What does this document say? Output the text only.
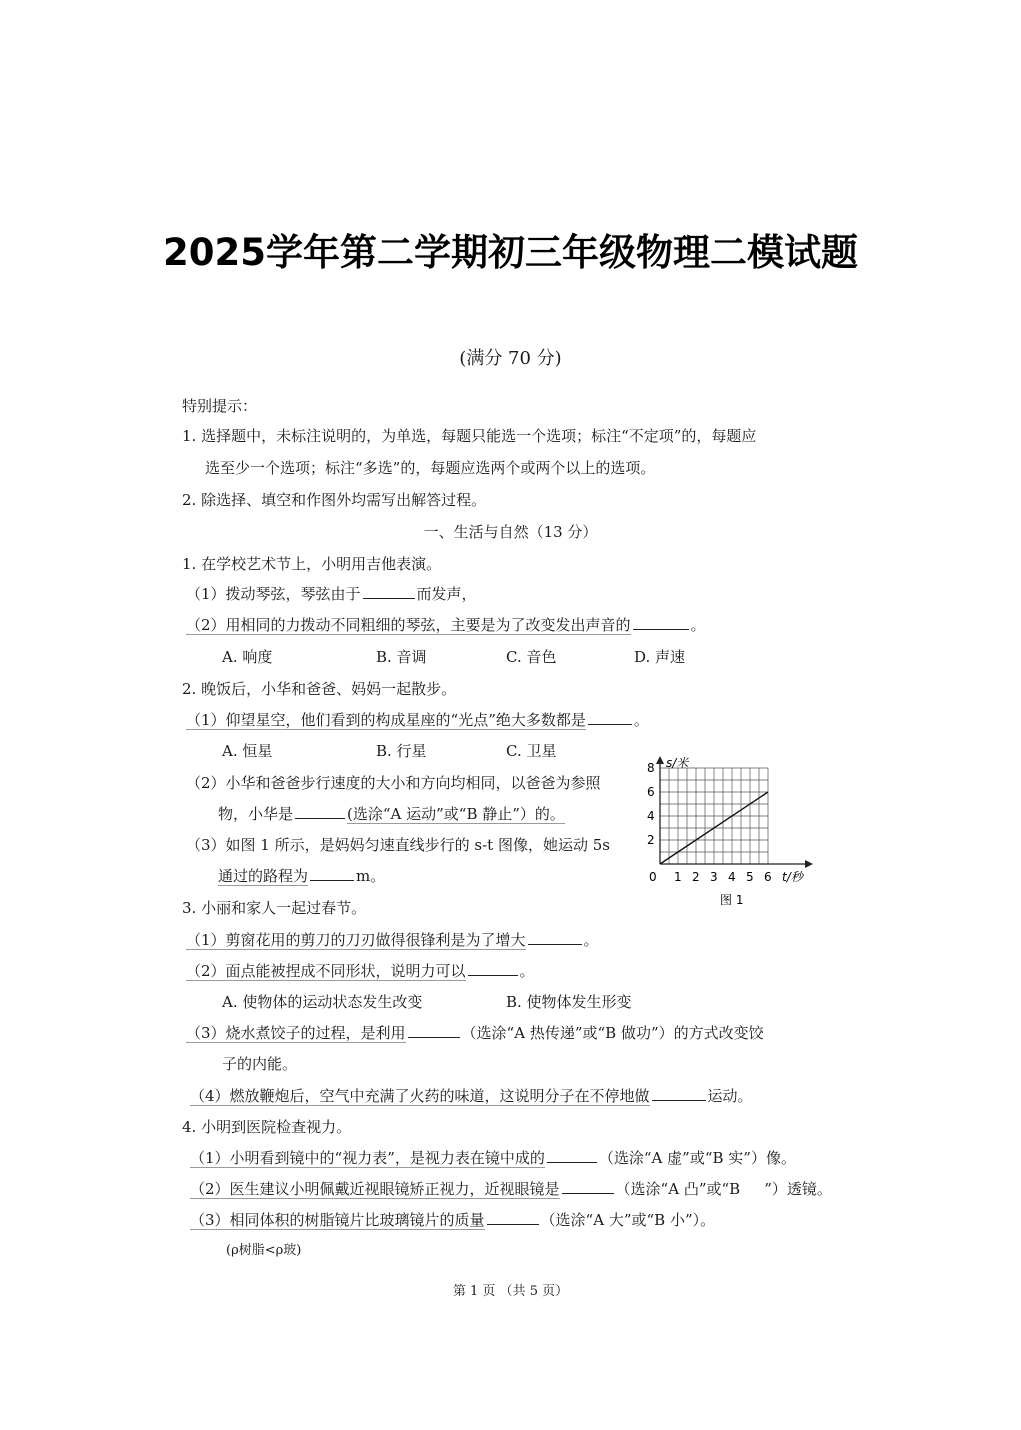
2025学年第二学期初三年级物理二模试题
(满分 70 分)
特别提示：
1. 选择题中，未标注说明的，为单选，每题只能选一个选项；标注“不定项”的，每题应
选至少一个选项；标注“多选”的，每题应选两个或两个以上的选项。
2. 除选择、填空和作图外均需写出解答过程。
一、生活与自然（13 分）
1. 在学校艺术节上，小明用吉他表演。
（1）拨动琴弦，琴弦由于	而发声，
（2）用相同的力拨动不同粗细的琴弦，主要是为了改变发出声音的	。
A. 响度	B. 音调	C. 音色	D. 声速
2. 晚饭后，小华和爸爸、妈妈一起散步。
（1）仰望星空，他们看到的构成星座的“光点”绝大多数都是	。
A. 恒星	B. 行星	C. 卫星
（2）小华和爸爸步行速度的大小和方向均相同，以爸爸为参照
物，小华是	(选涂“A 运动”或“B 静止”）的。
（3）如图 1 所示，是妈妈匀速直线步行的 s-t 图像，她运动 5s
通过的路程为	m。	1 2 3 4 5 6
2
4
6
8 s/米
t/秒
0
图 1
3. 小丽和家人一起过春节。
（1）剪窗花用的剪刀的刀刃做得很锋利是为了增大	。
（2）面点能被捏成不同形状，说明力可以	。
A. 使物体的运动状态发生改变	B. 使物体发生形变
（3）烧水煮饺子的过程，是利用	（选涂“A 热传递”或“B 做功”）的方式改变饺
子的内能。
（4）燃放鞭炮后，空气中充满了火药的味道，这说明分子在不停地做	运动。
4. 小明到医院检查视力。
（1）小明看到镜中的“视力表”，是视力表在镜中成的	（选涂“A 虚”或“B 实”）像。
（2）医生建议小明佩戴近视眼镜矫正视力，近视眼镜是	（选涂“A 凸”或“B ”）透镜。
（3）相同体积的树脂镜片比玻璃镜片的质量	（选涂“A 大”或“B 小”）。
(ρ树脂<ρ玻)
第 1 页 （共 5 页）
